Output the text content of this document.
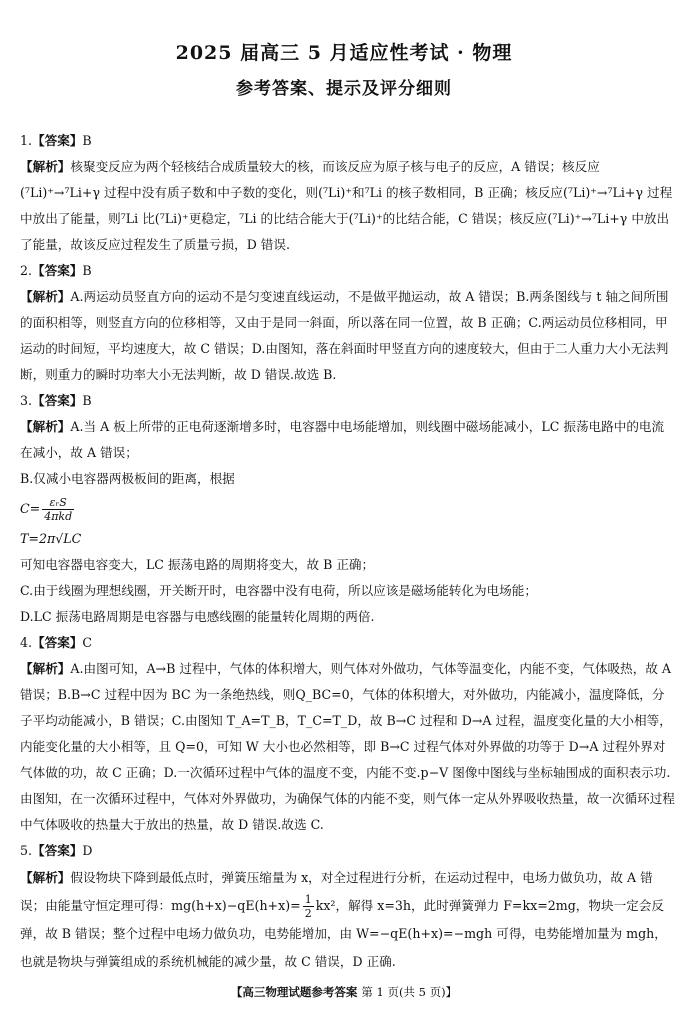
2025 届高三 5 月适应性考试 · 物理
参考答案、提示及评分细则
1.【答案】B
【解析】核聚变反应为两个轻核结合成质量较大的核，而该反应为原子核与电子的反应，A 错误；核反应(⁷Li)⁺→⁷Li+γ 过程中没有质子数和中子数的变化，则(⁷Li)⁺和⁷Li 的核子数相同，B 正确；核反应(⁷Li)⁺→⁷Li+γ 过程中放出了能量，则⁷Li 比(⁷Li)⁺更稳定，⁷Li 的比结合能大于(⁷Li)⁺的比结合能，C 错误；核反应(⁷Li)⁺→⁷Li+γ 中放出了能量，故该反应过程发生了质量亏损，D 错误.
2.【答案】B
【解析】A.两运动员竖直方向的运动不是匀变速直线运动，不是做平抛运动，故 A 错误；B.两条图线与 t 轴之间所围的面积相等，则竖直方向的位移相等，又由于是同一斜面，所以落在同一位置，故 B 正确；C.两运动员位移相同，甲运动的时间短，平均速度大，故 C 错误；D.由图知，落在斜面时甲竖直方向的速度较大，但由于二人重力大小无法判断，则重力的瞬时功率大小无法判断，故 D 错误.故选 B.
3.【答案】B
【解析】A.当 A 板上所带的正电荷逐渐增多时，电容器中电场能增加，则线圈中磁场能减小，LC 振荡电路中的电流在减小，故 A 错误；
B.仅减小电容器两极板间的距离，根据
$C= \frac{\text{εᵣS}}{\text{4πkd}}$
T=2π√LC
可知电容器电容变大，LC 振荡电路的周期将变大，故 B 正确；
C.由于线圈为理想线圈，开关断开时，电容器中没有电荷，所以应该是磁场能转化为电场能；
D.LC 振荡电路周期是电容器与电感线圈的能量转化周期的两倍.
4.【答案】C
【解析】A.由图可知，A→B 过程中，气体的体积增大，则气体对外做功，气体等温变化，内能不变，气体吸热，故 A 错误；B.B→C 过程中因为 BC 为一条绝热线，则Q_BC=0，气体的体积增大，对外做功，内能减小，温度降低，分子平均动能减小，B 错误；C.由图知 T_A=T_B，T_C=T_D，故 B→C 过程和 D→A 过程，温度变化量的大小相等，内能变化量的大小相等，且 Q=0，可知 W 大小也必然相等，即 B→C 过程气体对外界做的功等于 D→A 过程外界对气体做的功，故 C 正确；D.一次循环过程中气体的温度不变，内能不变.p−V 图像中图线与坐标轴围成的面积表示功.由图知，在一次循环过程中，气体对外界做功，为确保气体的内能不变，则气体一定从外界吸收热量，故一次循环过程中气体吸收的热量大于放出的热量，故 D 错误.故选 C.
5.【答案】D
【解析】假设物块下降到最低点时，弹簧压缩量为 x，对全过程进行分析，在运动过程中，电场力做负功，故 A 错误；由能量守恒定理可得：$mg(h+x)-qE(h+x)= \frac{1}{2} kx^2$，解得 x=3h，此时弹簧弹力 F=kx=2mg，物块一定会反弹，故 B 错误；整个过程中电场力做负功，电势能增加，由 W=−qE(h+x)=−mgh 可得，电势能增加量为 mgh，也就是物块与弹簧组成的系统机械能的减少量，故 C 错误，D 正确.
【高三物理试题参考答案 第 1 页(共 5 页)】
